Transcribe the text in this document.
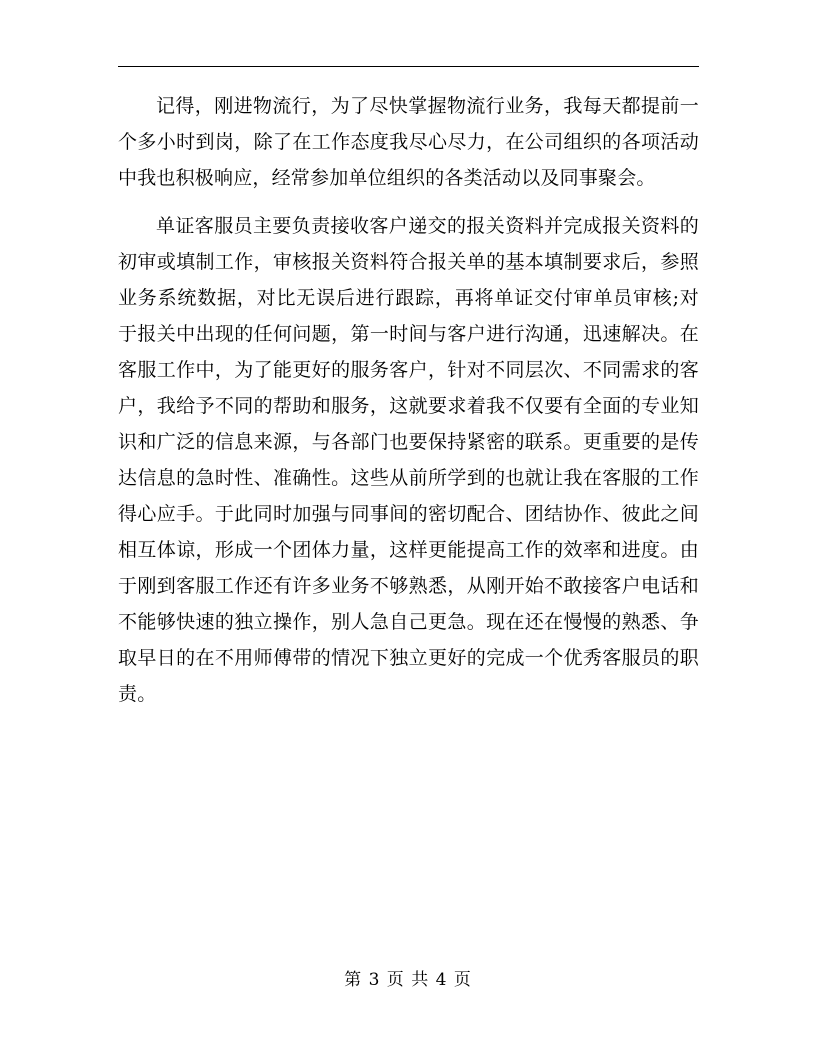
记得，刚进物流行，为了尽快掌握物流行业务，我每天都提前一个多小时到岗，除了在工作态度我尽心尽力，在公司组织的各项活动中我也积极响应，经常参加单位组织的各类活动以及同事聚会。

单证客服员主要负责接收客户递交的报关资料并完成报关资料的初审或填制工作，审核报关资料符合报关单的基本填制要求后，参照业务系统数据，对比无误后进行跟踪，再将单证交付审单员审核;对于报关中出现的任何问题，第一时间与客户进行沟通，迅速解决。在客服工作中，为了能更好的服务客户，针对不同层次、不同需求的客户，我给予不同的帮助和服务，这就要求着我不仅要有全面的专业知识和广泛的信息来源，与各部门也要保持紧密的联系。更重要的是传达信息的急时性、准确性。这些从前所学到的也就让我在客服的工作得心应手。于此同时加强与同事间的密切配合、团结协作、彼此之间相互体谅，形成一个团体力量，这样更能提高工作的效率和进度。由于刚到客服工作还有许多业务不够熟悉，从刚开始不敢接客户电话和不能够快速的独立操作，别人急自己更急。现在还在慢慢的熟悉、争取早日的在不用师傅带的情况下独立更好的完成一个优秀客服员的职责。

第 3 页 共 4 页
